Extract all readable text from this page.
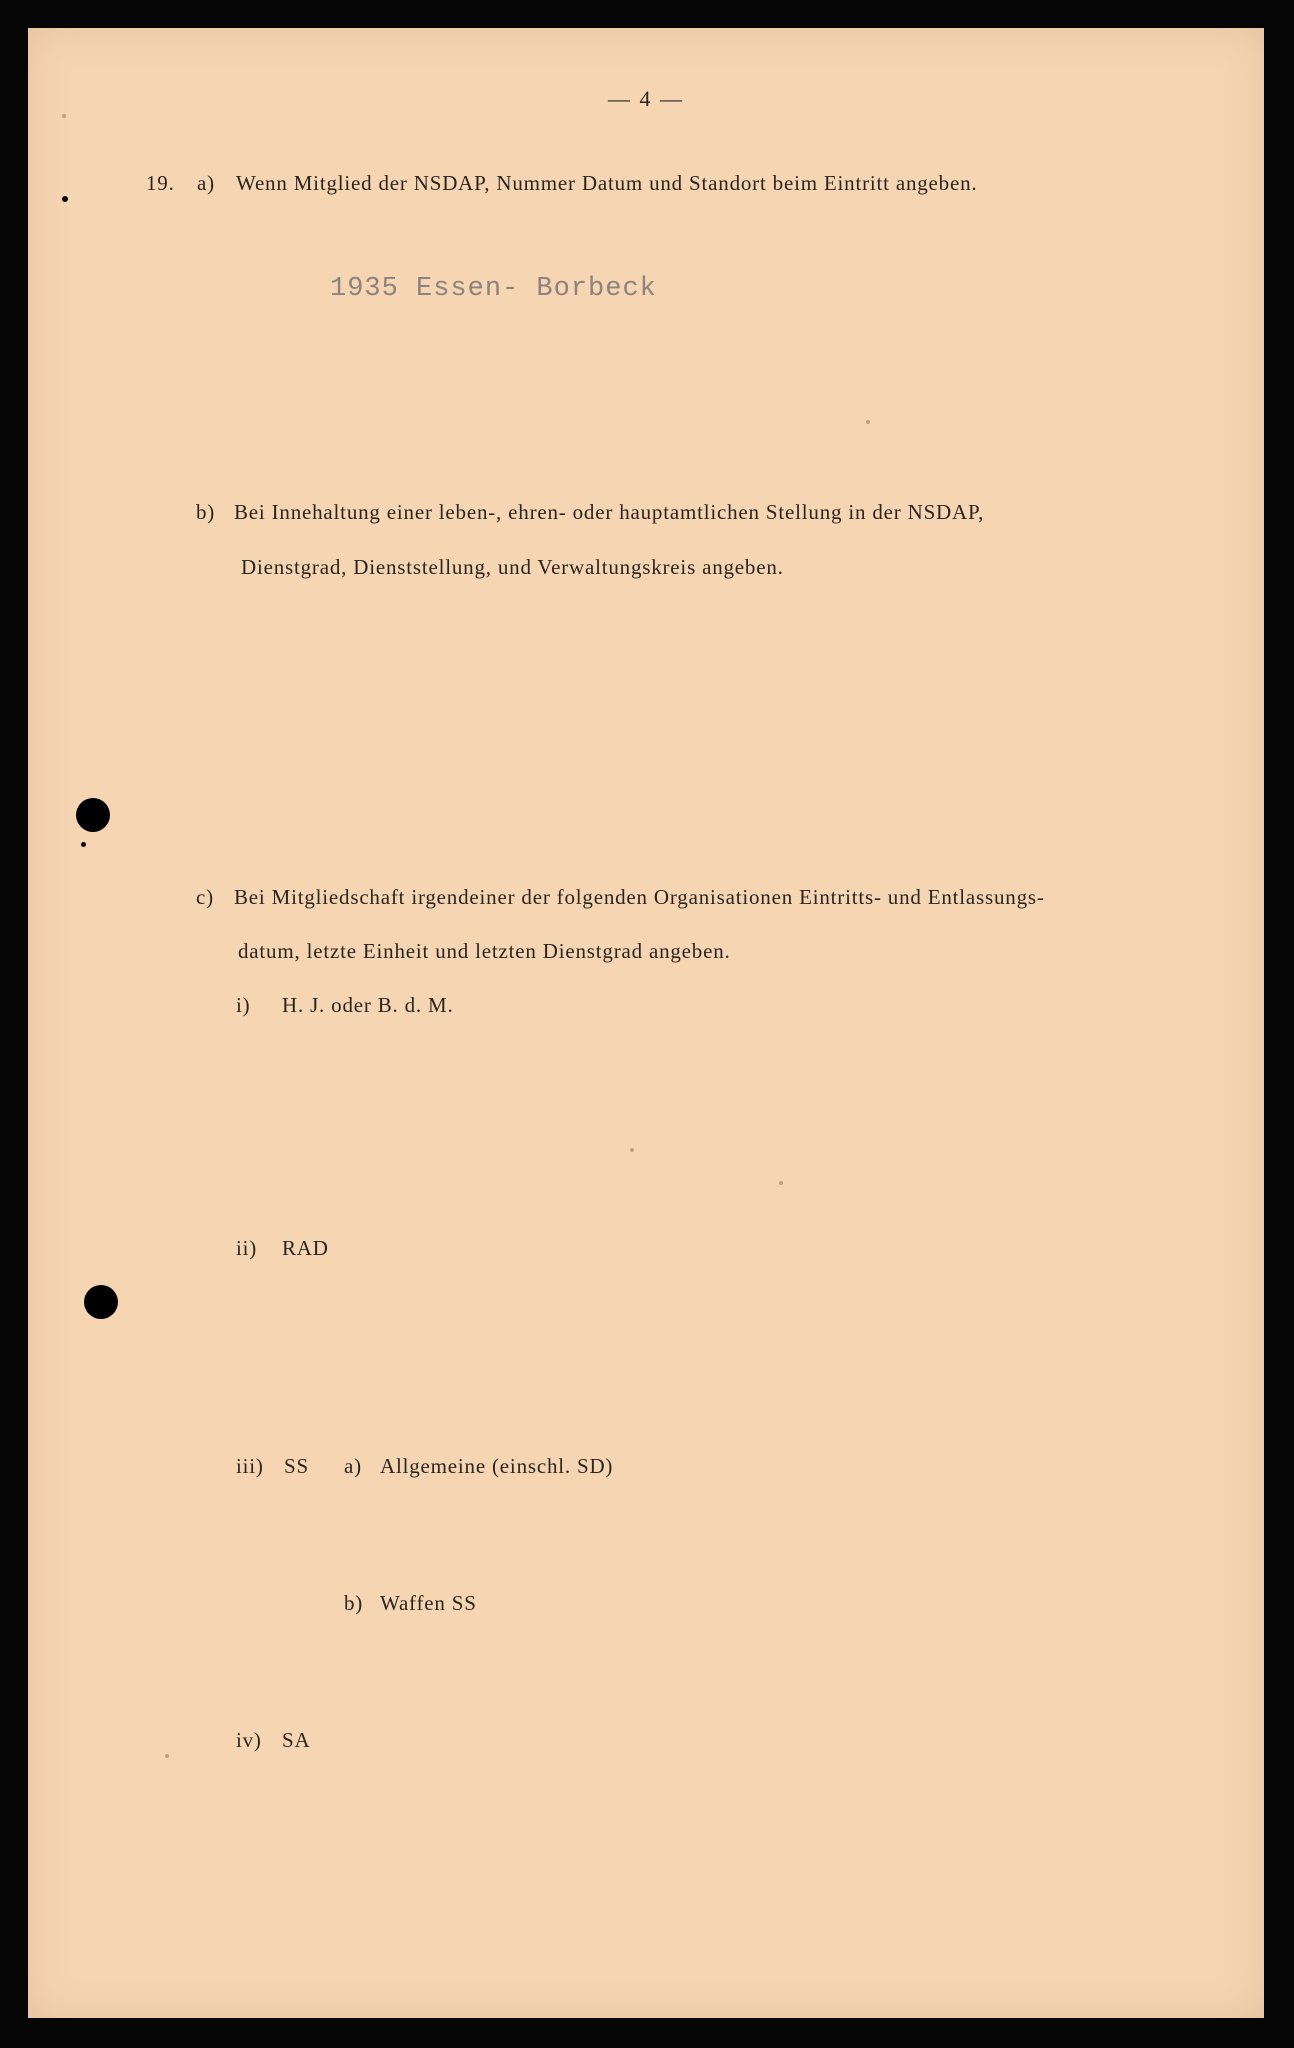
— 4 —
19. a) Wenn Mitglied der NSDAP, Nummer Datum und Standort beim Eintritt angeben.
1935 Essen- Borbeck
b) Bei Innehaltung einer leben-, ehren- oder hauptamtlichen Stellung in der NSDAP,
Dienstgrad, Dienststellung, und Verwaltungskreis angeben.
c) Bei Mitgliedschaft irgendeiner der folgenden Organisationen Eintritts- und Entlassungs-
datum, letzte Einheit und letzten Dienstgrad angeben.
i) H. J. oder B. d. M.
ii) RAD
iii) SS a) Allgemeine (einschl. SD)
b) Waffen SS
iv) SA
